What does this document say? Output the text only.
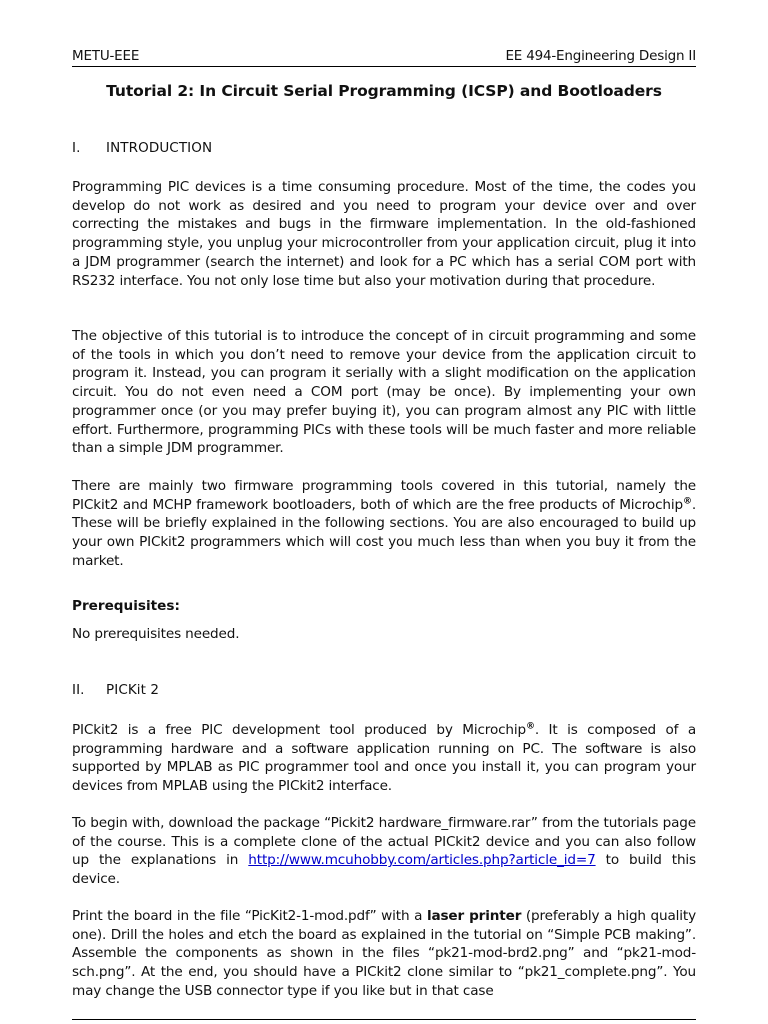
METU-EEE	EE 494-Engineering Design II
Tutorial 2: In Circuit Serial Programming (ICSP) and Bootloaders
I. INTRODUCTION

Programming PIC devices is a time consuming procedure. Most of the time, the codes you develop do not work as desired and you need to program your device over and over correcting the mistakes and bugs in the firmware implementation. In the old-fashioned programming style, you unplug your microcontroller from your application circuit, plug it into a JDM programmer (search the internet) and look for a PC which has a serial COM port with RS232 interface. You not only lose time but also your motivation during that procedure.

The objective of this tutorial is to introduce the concept of in circuit programming and some of the tools in which you don’t need to remove your device from the application circuit to program it. Instead, you can program it serially with a slight modification on the application circuit. You do not even need a COM port (may be once). By implementing your own programmer once (or you may prefer buying it), you can program almost any PIC with little effort. Furthermore, programming PICs with these tools will be much faster and more reliable than a simple JDM programmer.

There are mainly two firmware programming tools covered in this tutorial, namely the PICkit2 and MCHP framework bootloaders, both of which are the free products of Microchip®. These will be briefly explained in the following sections. You are also encouraged to build up your own PICkit2 programmers which will cost you much less than when you buy it from the market.

Prerequisites:
No prerequisites needed.
II. PICKit 2

PICkit2 is a free PIC development tool produced by Microchip®. It is composed of a programming hardware and a software application running on PC. The software is also supported by MPLAB as PIC programmer tool and once you install it, you can program your devices from MPLAB using the PICkit2 interface.

To begin with, download the package “Pickit2 hardware_firmware.rar” from the tutorials page of the course. This is a complete clone of the actual PICkit2 device and you can also follow up the explanations in http://www.mcuhobby.com/articles.php?article_id=7 to build this device.

Print the board in the file “PicKit2-1-mod.pdf” with a laser printer (preferably a high quality one). Drill the holes and etch the board as explained in the tutorial on “Simple PCB making”. Assemble the components as shown in the files “pk21-mod-brd2.png” and “pk21-mod-sch.png”. At the end, you should have a PICkit2 clone similar to “pk21_complete.png”. You may change the USB connector type if you like but in that case
